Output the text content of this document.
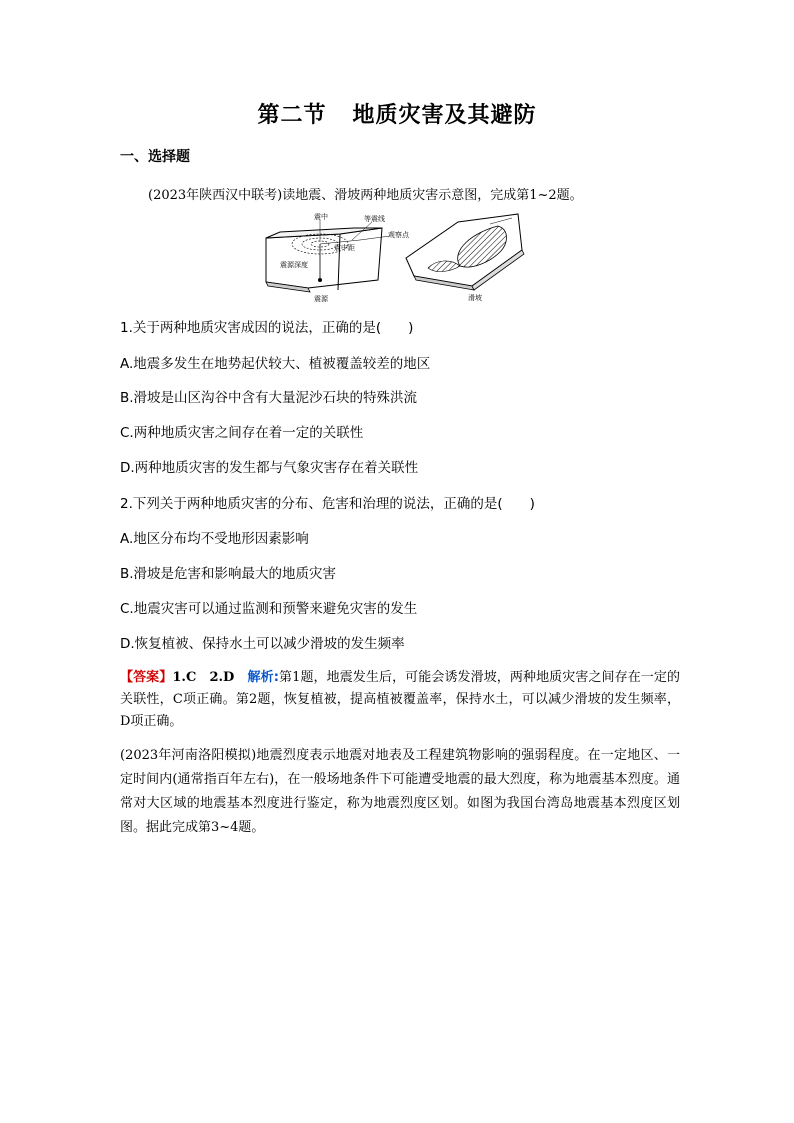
第二节 地质灾害及其避防
一、选择题
(2023年陕西汉中联考)读地震、滑坡两种地质灾害示意图，完成第1~2题。
震中	等震线
观察点
震中距
震源深度
震源	滑坡
1.关于两种地质灾害成因的说法，正确的是(　　)
A.地震多发生在地势起伏较大、植被覆盖较差的地区
B.滑坡是山区沟谷中含有大量泥沙石块的特殊洪流
C.两种地质灾害之间存在着一定的关联性
D.两种地质灾害的发生都与气象灾害存在着关联性
2.下列关于两种地质灾害的分布、危害和治理的说法，正确的是(　　)
A.地区分布均不受地形因素影响
B.滑坡是危害和影响最大的地质灾害
C.地震灾害可以通过监测和预警来避免灾害的发生
D.恢复植被、保持水土可以减少滑坡的发生频率
【答案】1.C　2.D　 解析:第1题，地震发生后，可能会诱发滑坡，两种地质灾害之间存在一定的关联性，C项正确。第2题，恢复植被，提高植被覆盖率，保持水土，可以减少滑坡的发生频率，D项正确。
(2023年河南洛阳模拟)地震烈度表示地震对地表及工程建筑物影响的强弱程度。在一定地区、一定时间内(通常指百年左右)，在一般场地条件下可能遭受地震的最大烈度，称为地震基本烈度。通常对大区域的地震基本烈度进行鉴定，称为地震烈度区划。如图为我国台湾岛地震基本烈度区划图。据此完成第3~4题。
